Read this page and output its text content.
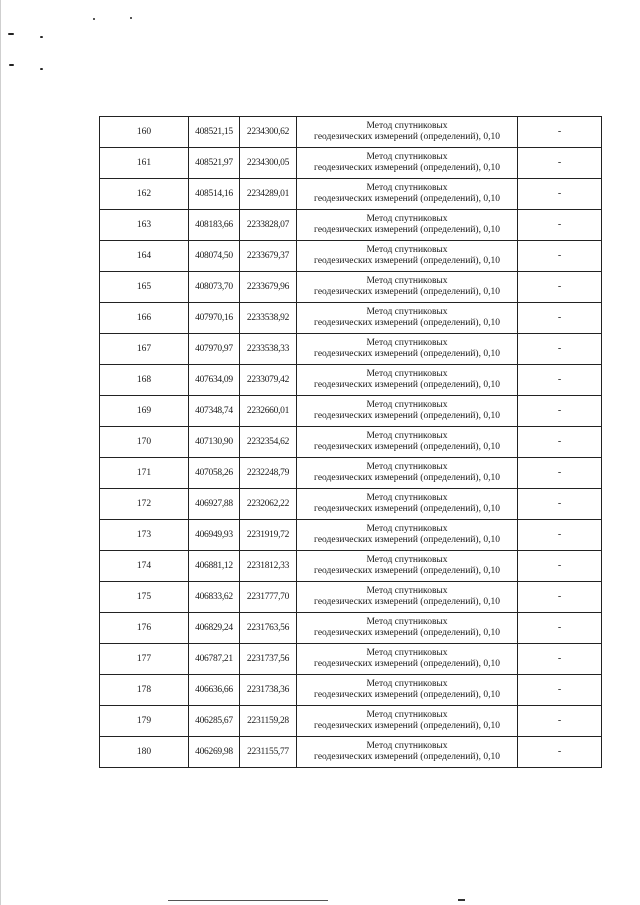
160	408521,15	2234300,62	Метод спутниковых
геодезических измерений (определений), 0,10	-
161	408521,97	2234300,05	Метод спутниковых
геодезических измерений (определений), 0,10	-
162	408514,16	2234289,01	Метод спутниковых
геодезических измерений (определений), 0,10	-
163	408183,66	2233828,07	Метод спутниковых
геодезических измерений (определений), 0,10	-
164	408074,50	2233679,37	Метод спутниковых
геодезических измерений (определений), 0,10	-
165	408073,70	2233679,96	Метод спутниковых
геодезических измерений (определений), 0,10	-
166	407970,16	2233538,92	Метод спутниковых
геодезических измерений (определений), 0,10	-
167	407970,97	2233538,33	Метод спутниковых
геодезических измерений (определений), 0,10	-
168	407634,09	2233079,42	Метод спутниковых
геодезических измерений (определений), 0,10	-
169	407348,74	2232660,01	Метод спутниковых
геодезических измерений (определений), 0,10	-
170	407130,90	2232354,62	Метод спутниковых
геодезических измерений (определений), 0,10	-
171	407058,26	2232248,79	Метод спутниковых
геодезических измерений (определений), 0,10	-
172	406927,88	2232062,22	Метод спутниковых
геодезических измерений (определений), 0,10	-
173	406949,93	2231919,72	Метод спутниковых
геодезических измерений (определений), 0,10	-
174	406881,12	2231812,33	Метод спутниковых
геодезических измерений (определений), 0,10	-
175	406833,62	2231777,70	Метод спутниковых
геодезических измерений (определений), 0,10	-
176	406829,24	2231763,56	Метод спутниковых
геодезических измерений (определений), 0,10	-
177	406787,21	2231737,56	Метод спутниковых
геодезических измерений (определений), 0,10	-
178	406636,66	2231738,36	Метод спутниковых
геодезических измерений (определений), 0,10	-
179	406285,67	2231159,28	Метод спутниковых
геодезических измерений (определений), 0,10	-
180	406269,98	2231155,77	Метод спутниковых
геодезических измерений (определений), 0,10	-
